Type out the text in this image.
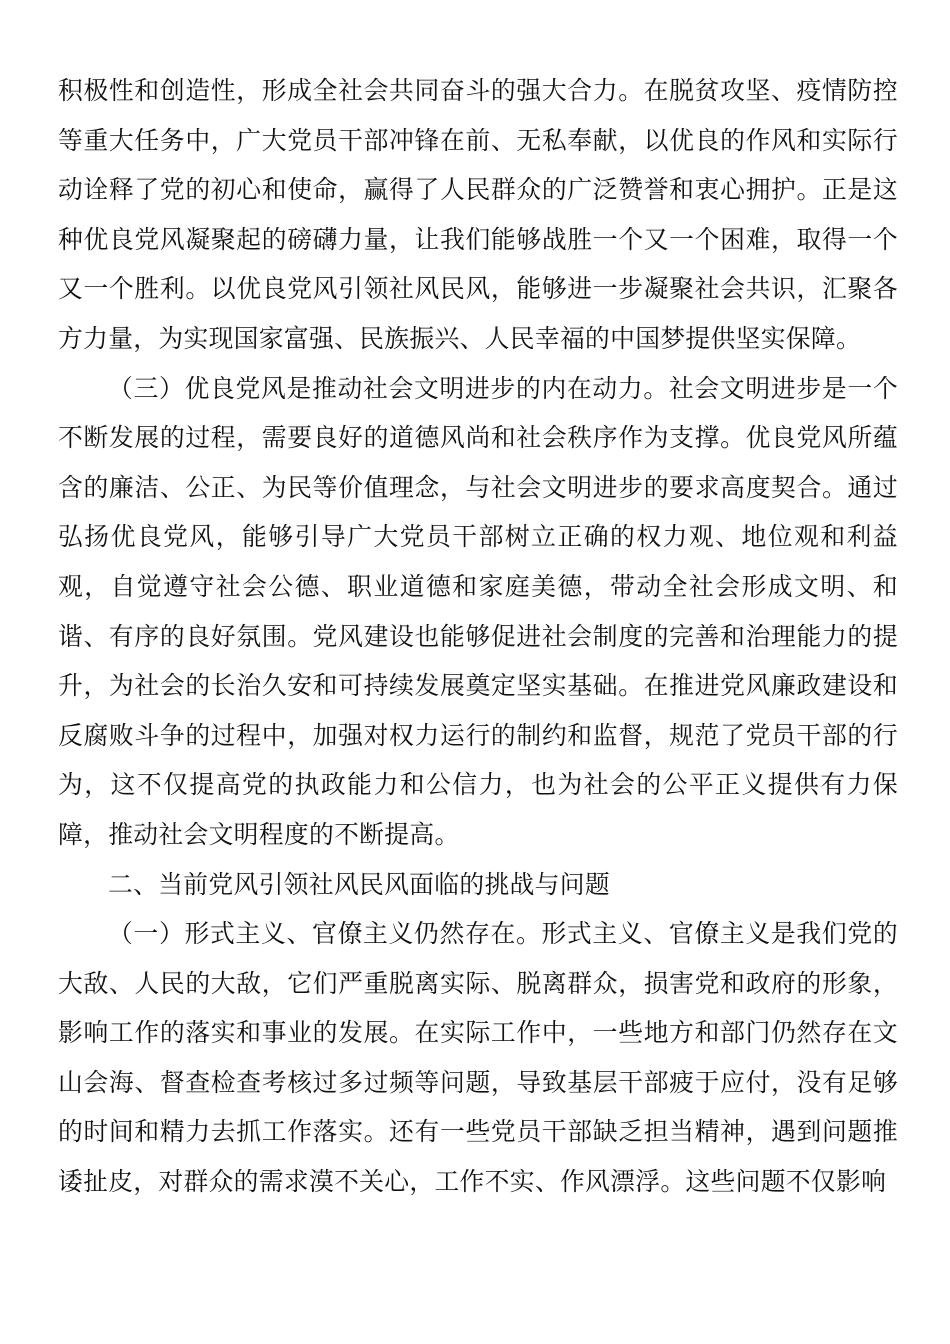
积极性和创造性，形成全社会共同奋斗的强大合力。在脱贫攻坚、疫情防控等重大任务中，广大党员干部冲锋在前、无私奉献，以优良的作风和实际行动诠释了党的初心和使命，赢得了人民群众的广泛赞誉和衷心拥护。正是这种优良党风凝聚起的磅礴力量，让我们能够战胜一个又一个困难，取得一个又一个胜利。以优良党风引领社风民风，能够进一步凝聚社会共识，汇聚各方力量，为实现国家富强、民族振兴、人民幸福的中国梦提供坚实保障。

（三）优良党风是推动社会文明进步的内在动力。社会文明进步是一个不断发展的过程，需要良好的道德风尚和社会秩序作为支撑。优良党风所蕴含的廉洁、公正、为民等价值理念，与社会文明进步的要求高度契合。通过弘扬优良党风，能够引导广大党员干部树立正确的权力观、地位观和利益观，自觉遵守社会公德、职业道德和家庭美德，带动全社会形成文明、和谐、有序的良好氛围。党风建设也能够促进社会制度的完善和治理能力的提升，为社会的长治久安和可持续发展奠定坚实基础。在推进党风廉政建设和反腐败斗争的过程中，加强对权力运行的制约和监督，规范了党员干部的行为，这不仅提高党的执政能力和公信力，也为社会的公平正义提供有力保障，推动社会文明程度的不断提高。

二、当前党风引领社风民风面临的挑战与问题

（一）形式主义、官僚主义仍然存在。形式主义、官僚主义是我们党的大敌、人民的大敌，它们严重脱离实际、脱离群众，损害党和政府的形象，影响工作的落实和事业的发展。在实际工作中，一些地方和部门仍然存在文山会海、督查检查考核过多过频等问题，导致基层干部疲于应付，没有足够的时间和精力去抓工作落实。还有一些党员干部缺乏担当精神，遇到问题推诿扯皮，对群众的需求漠不关心，工作不实、作风漂浮。这些问题不仅影响
